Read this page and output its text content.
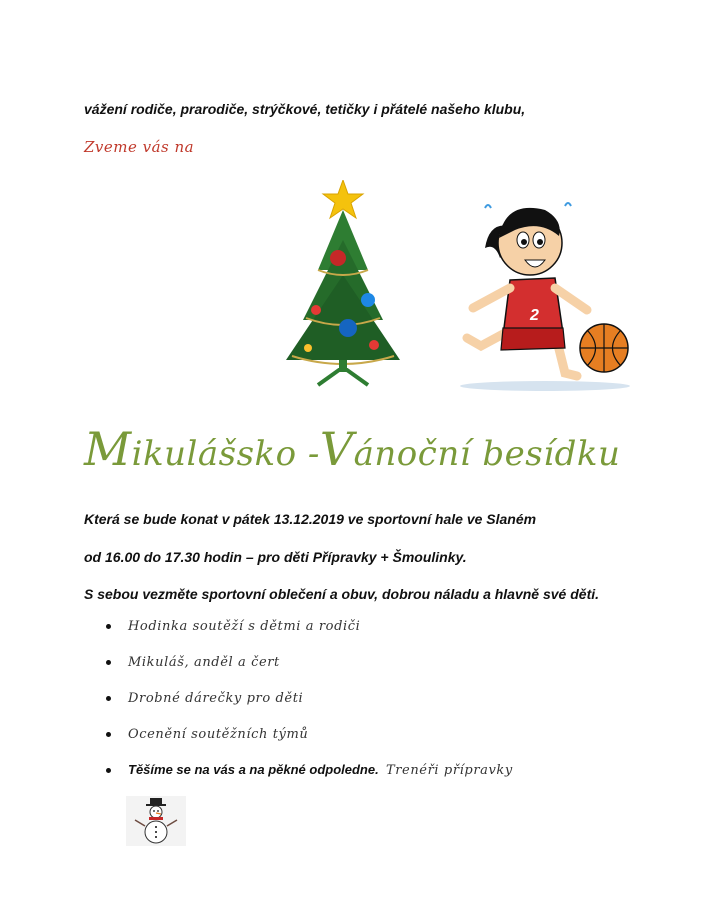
vážení rodiče, prarodiče, strýčkové, tetičky i přátelé našeho klubu,
Zveme vás na
2
Mikulášsko -Vánoční besídku
Která se bude konat v pátek 13.12.2019 ve sportovní hale ve Slaném
od 16.00 do 17.30 hodin – pro děti Přípravky + Šmoulinky.
S sebou vezměte sportovní oblečení a obuv, dobrou náladu a hlavně své děti.
Hodinka soutěží s dětmi a rodiči
Mikuláš, anděl a čert
Drobné dárečky pro děti
Ocenění soutěžních týmů
Těšíme se na vás a na pěkné odpoledne. Trenéři přípravky
